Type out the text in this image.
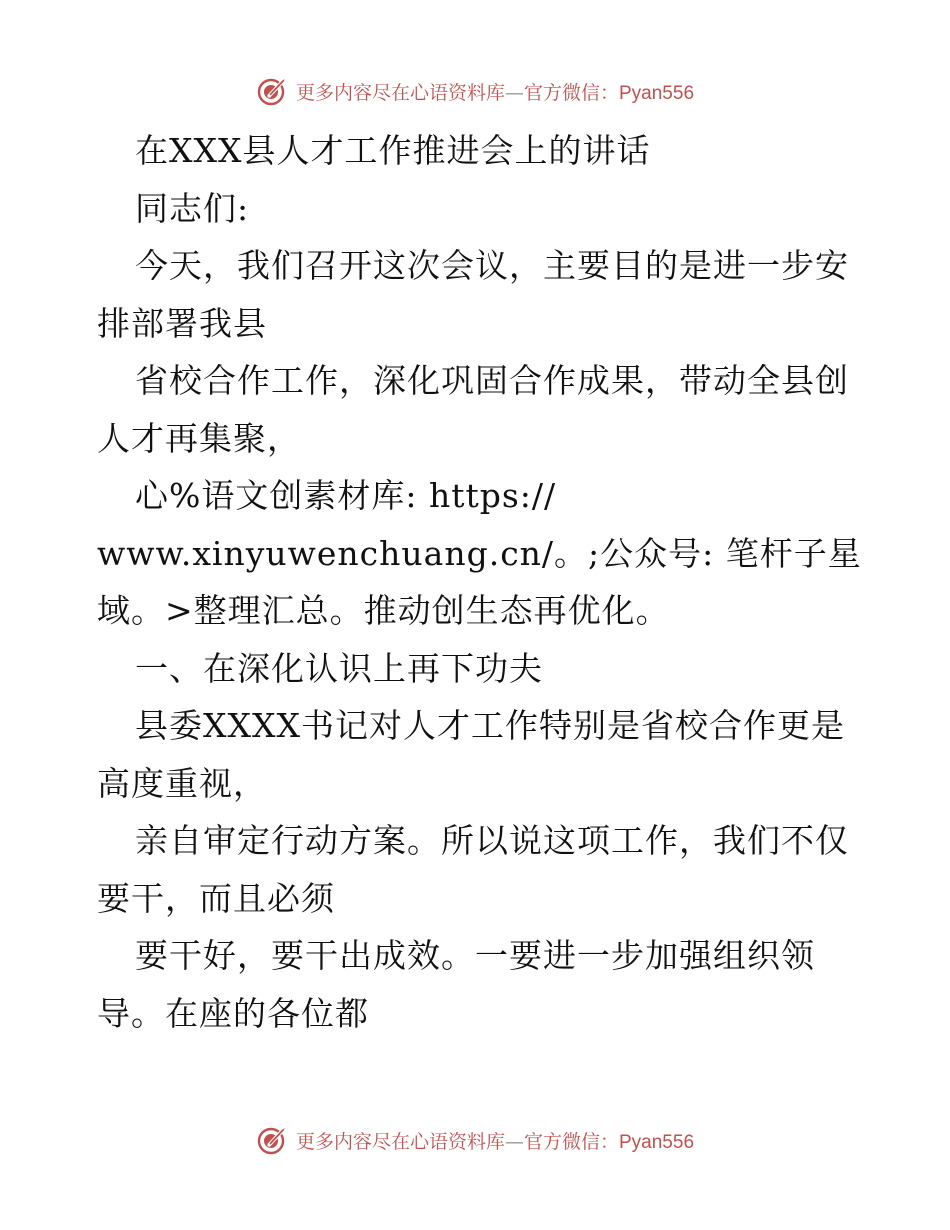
更多内容尽在心语资料库—官方微信：Pyan556
在XXX县人才工作推进会上的讲话
同志们:
今天，我们召开这次会议，主要目的是进一步安
排部署我县
省校合作工作，深化巩固合作成果，带动全县创
人才再集聚，
心%语文创素材库: https://
www.xinyuwenchuang.cn/。;公众号: 笔杆子星
域。>整理汇总。推动创生态再优化。
一、在深化认识上再下功夫
县委XXXX书记对人才工作特别是省校合作更是
高度重视，
亲自审定行动方案。所以说这项工作，我们不仅
要干，而且必须
要干好，要干出成效。一要进一步加强组织领
导。在座的各位都
更多内容尽在心语资料库—官方微信：Pyan556
